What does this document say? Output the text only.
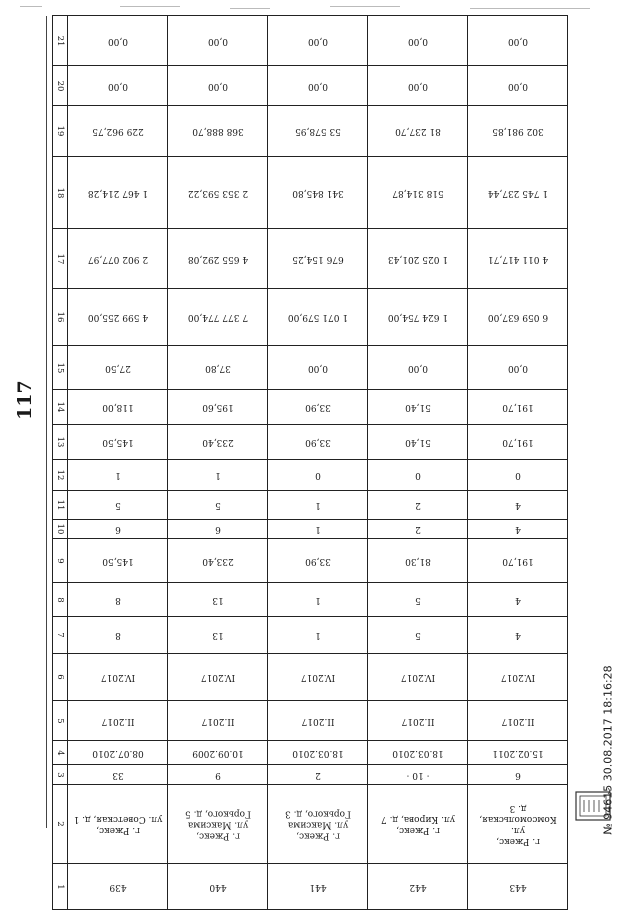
117
21	0,00	0,00	0,00	0,00	0,00

20	0,00	0,00	0,00	0,00	0,00

19	229 962,75	368 888,70	53 578,95	81 237,70	302 981,85

18	1 467 214,28	2 353 593,22	341 845,80	518 314,87	1 745 237,44

17	2 902 077,97	4 655 292,08	676 154,25	1 025 201,43	4 011 417,71

16	4 599 255,00	7 377 774,00	1 071 579,00	1 624 754,00	6 059 637,00

15	27,50	37,80	0,00	0,00	0,00

14	118,00	195,60	33,90	51,40	191,70

13	145,50	233,40	33,90	51,40	191,70

12	1	1	0	0	0

11	5	5	1	2	4

10	6	6	1	2	4

9	145,50	233,40	33,90	81,30	191,70

8	8	13	1	5	4

7	8	13	1	5	4

6	IV.2017	IV.2017	IV.2017	IV.2017	IV.2017

5	II.2017	II.2017	II.2017	II.2017	II.2017

4	08.07.2010	10.09.2009	18.03.2010	18.03.2010	15.02.2011

3	33	9	2	· 10 ·	6

2	г. Ржекс,
ул. Советская, д. 1	г. Ржекс,
ул. Максима
Горького, д. 5	г. Ржекс,
ул. Максима
Горького, д. 3	г. Ржекс,
ул. Кирова, д. 7	г. Ржекс,
ул. Комсомольская,
д. 3

1	439	440	441	442	443
№ 94615 30.08.2017 18:16:28
